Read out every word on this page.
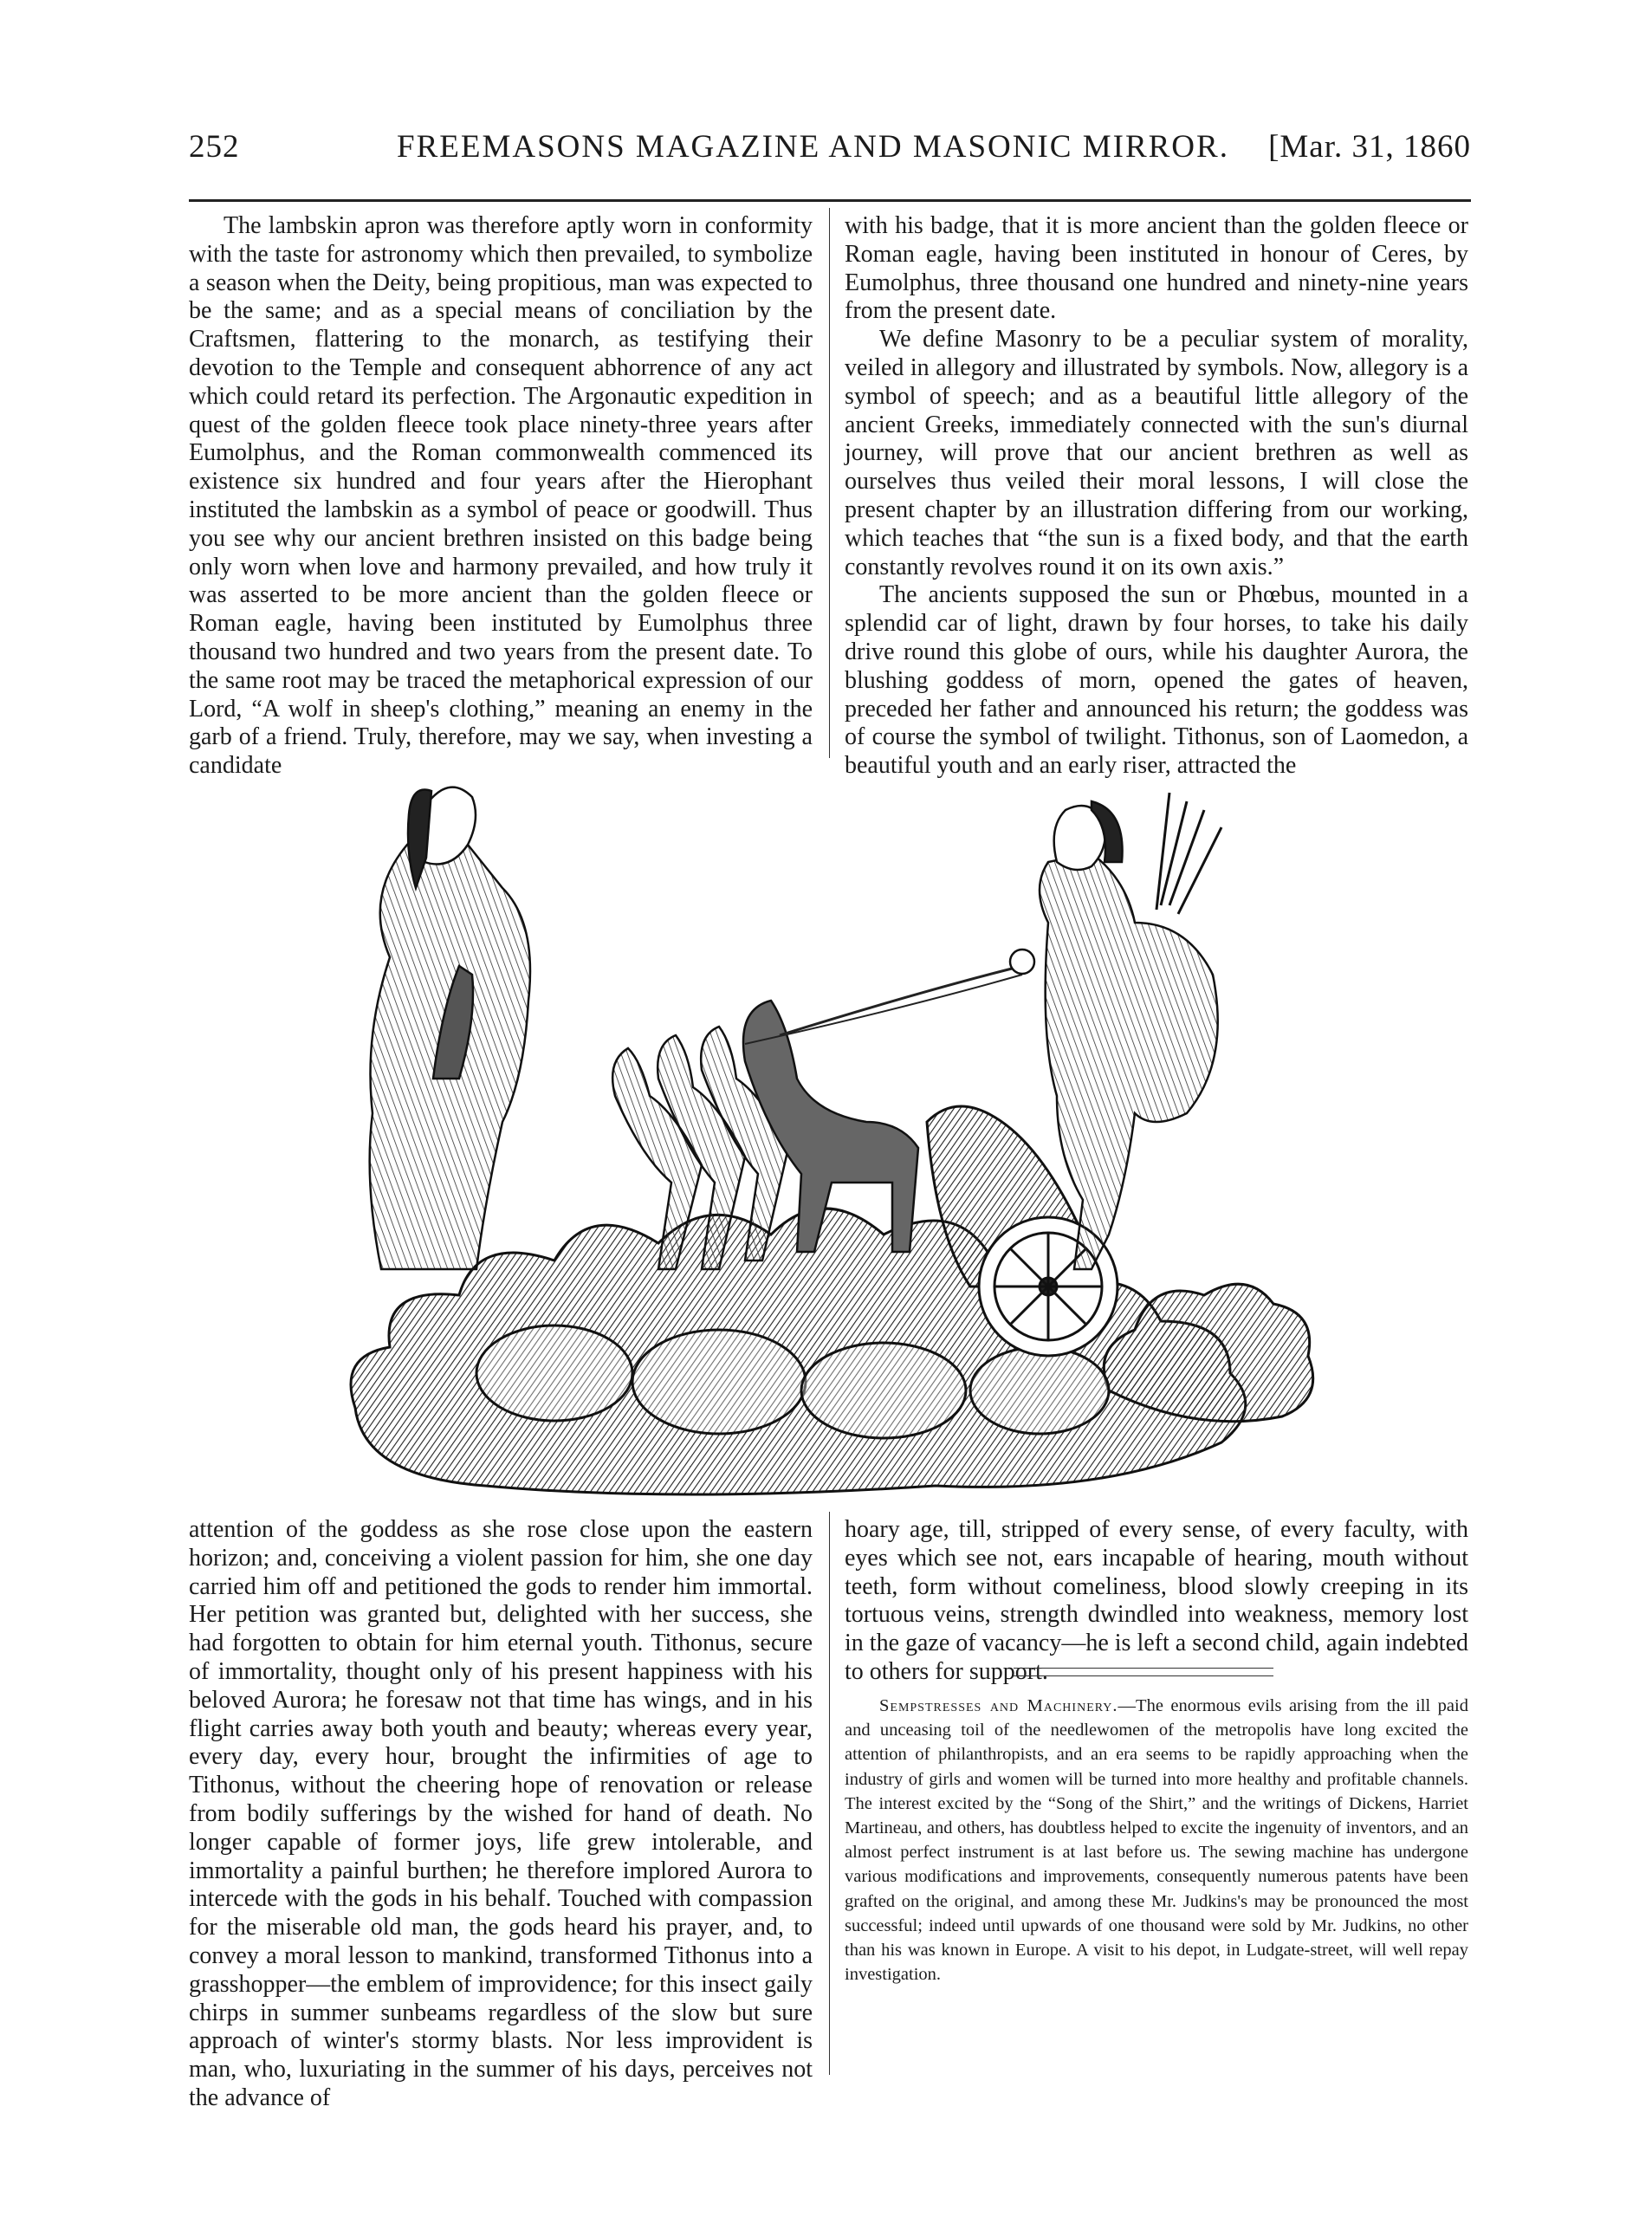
252	FREEMASONS MAGAZINE AND MASONIC MIRROR. [Mar. 31, 1860

The lambskin apron was therefore aptly worn in conformity with the taste for astronomy which then prevailed, to symbolize a season when the Deity, being propitious, man was expected to be the same; and as a special means of conciliation by the Craftsmen, flattering to the monarch, as testifying their devotion to the Temple and consequent abhorrence of any act which could retard its perfection. The Argonautic expedition in quest of the golden fleece took place ninety-three years after Eumolphus, and the Roman commonwealth commenced its existence six hundred and four years after the Hierophant instituted the lambskin as a symbol of peace or goodwill. Thus you see why our ancient brethren insisted on this badge being only worn when love and harmony prevailed, and how truly it was asserted to be more ancient than the golden fleece or Roman eagle, having been instituted by Eumolphus three thousand two hundred and two years from the present date. To the same root may be traced the metaphorical expression of our Lord, “A wolf in sheep's clothing,” meaning an enemy in the garb of a friend. Truly, therefore, may we say, when investing a candidate

with his badge, that it is more ancient than the golden fleece or Roman eagle, having been instituted in honour of Ceres, by Eumolphus, three thousand one hundred and ninety-nine years from the present date.

We define Masonry to be a peculiar system of morality, veiled in allegory and illustrated by symbols. Now, allegory is a symbol of speech; and as a beautiful little allegory of the ancient Greeks, immediately connected with the sun's diurnal journey, will prove that our ancient brethren as well as ourselves thus veiled their moral lessons, I will close the present chapter by an illustration differing from our working, which teaches that “the sun is a fixed body, and that the earth constantly revolves round it on its own axis.”

The ancients supposed the sun or Phœbus, mounted in a splendid car of light, drawn by four horses, to take his daily drive round this globe of ours, while his daughter Aurora, the blushing goddess of morn, opened the gates of heaven, preceded her father and announced his return; the goddess was of course the symbol of twilight. Tithonus, son of Laomedon, a beautiful youth and an early riser, attracted the

attention of the goddess as she rose close upon the eastern horizon; and, conceiving a violent passion for him, she one day carried him off and petitioned the gods to render him immortal. Her petition was granted but, delighted with her success, she had forgotten to obtain for him eternal youth. Tithonus, secure of immortality, thought only of his present happiness with his beloved Aurora; he foresaw not that time has wings, and in his flight carries away both youth and beauty; whereas every year, every day, every hour, brought the infirmities of age to Tithonus, without the cheering hope of renovation or release from bodily sufferings by the wished for hand of death. No longer capable of former joys, life grew intolerable, and immortality a painful burthen; he therefore implored Aurora to intercede with the gods in his behalf. Touched with compassion for the miserable old man, the gods heard his prayer, and, to convey a moral lesson to mankind, transformed Tithonus into a grasshopper—the emblem of improvidence; for this insect gaily chirps in summer sunbeams regardless of the slow but sure approach of winter's stormy blasts. Nor less improvident is man, who, luxuriating in the summer of his days, perceives not the advance of

hoary age, till, stripped of every sense, of every faculty, with eyes which see not, ears incapable of hearing, mouth without teeth, form without comeliness, blood slowly creeping in its tortuous veins, strength dwindled into weakness, memory lost in the gaze of vacancy—he is left a second child, again indebted to others for support.

Sempstresses and Machinery.—The enormous evils arising from the ill paid and unceasing toil of the needlewomen of the metropolis have long excited the attention of philanthropists, and an era seems to be rapidly approaching when the industry of girls and women will be turned into more healthy and profitable channels. The interest excited by the “Song of the Shirt,” and the writings of Dickens, Harriet Martineau, and others, has doubtless helped to excite the ingenuity of inventors, and an almost perfect instrument is at last before us. The sewing machine has undergone various modifications and improvements, consequently numerous patents have been grafted on the original, and among these Mr. Judkins's may be pronounced the most successful; indeed until upwards of one thousand were sold by Mr. Judkins, no other than his was known in Europe. A visit to his depot, in Ludgate-street, will well repay investigation.
